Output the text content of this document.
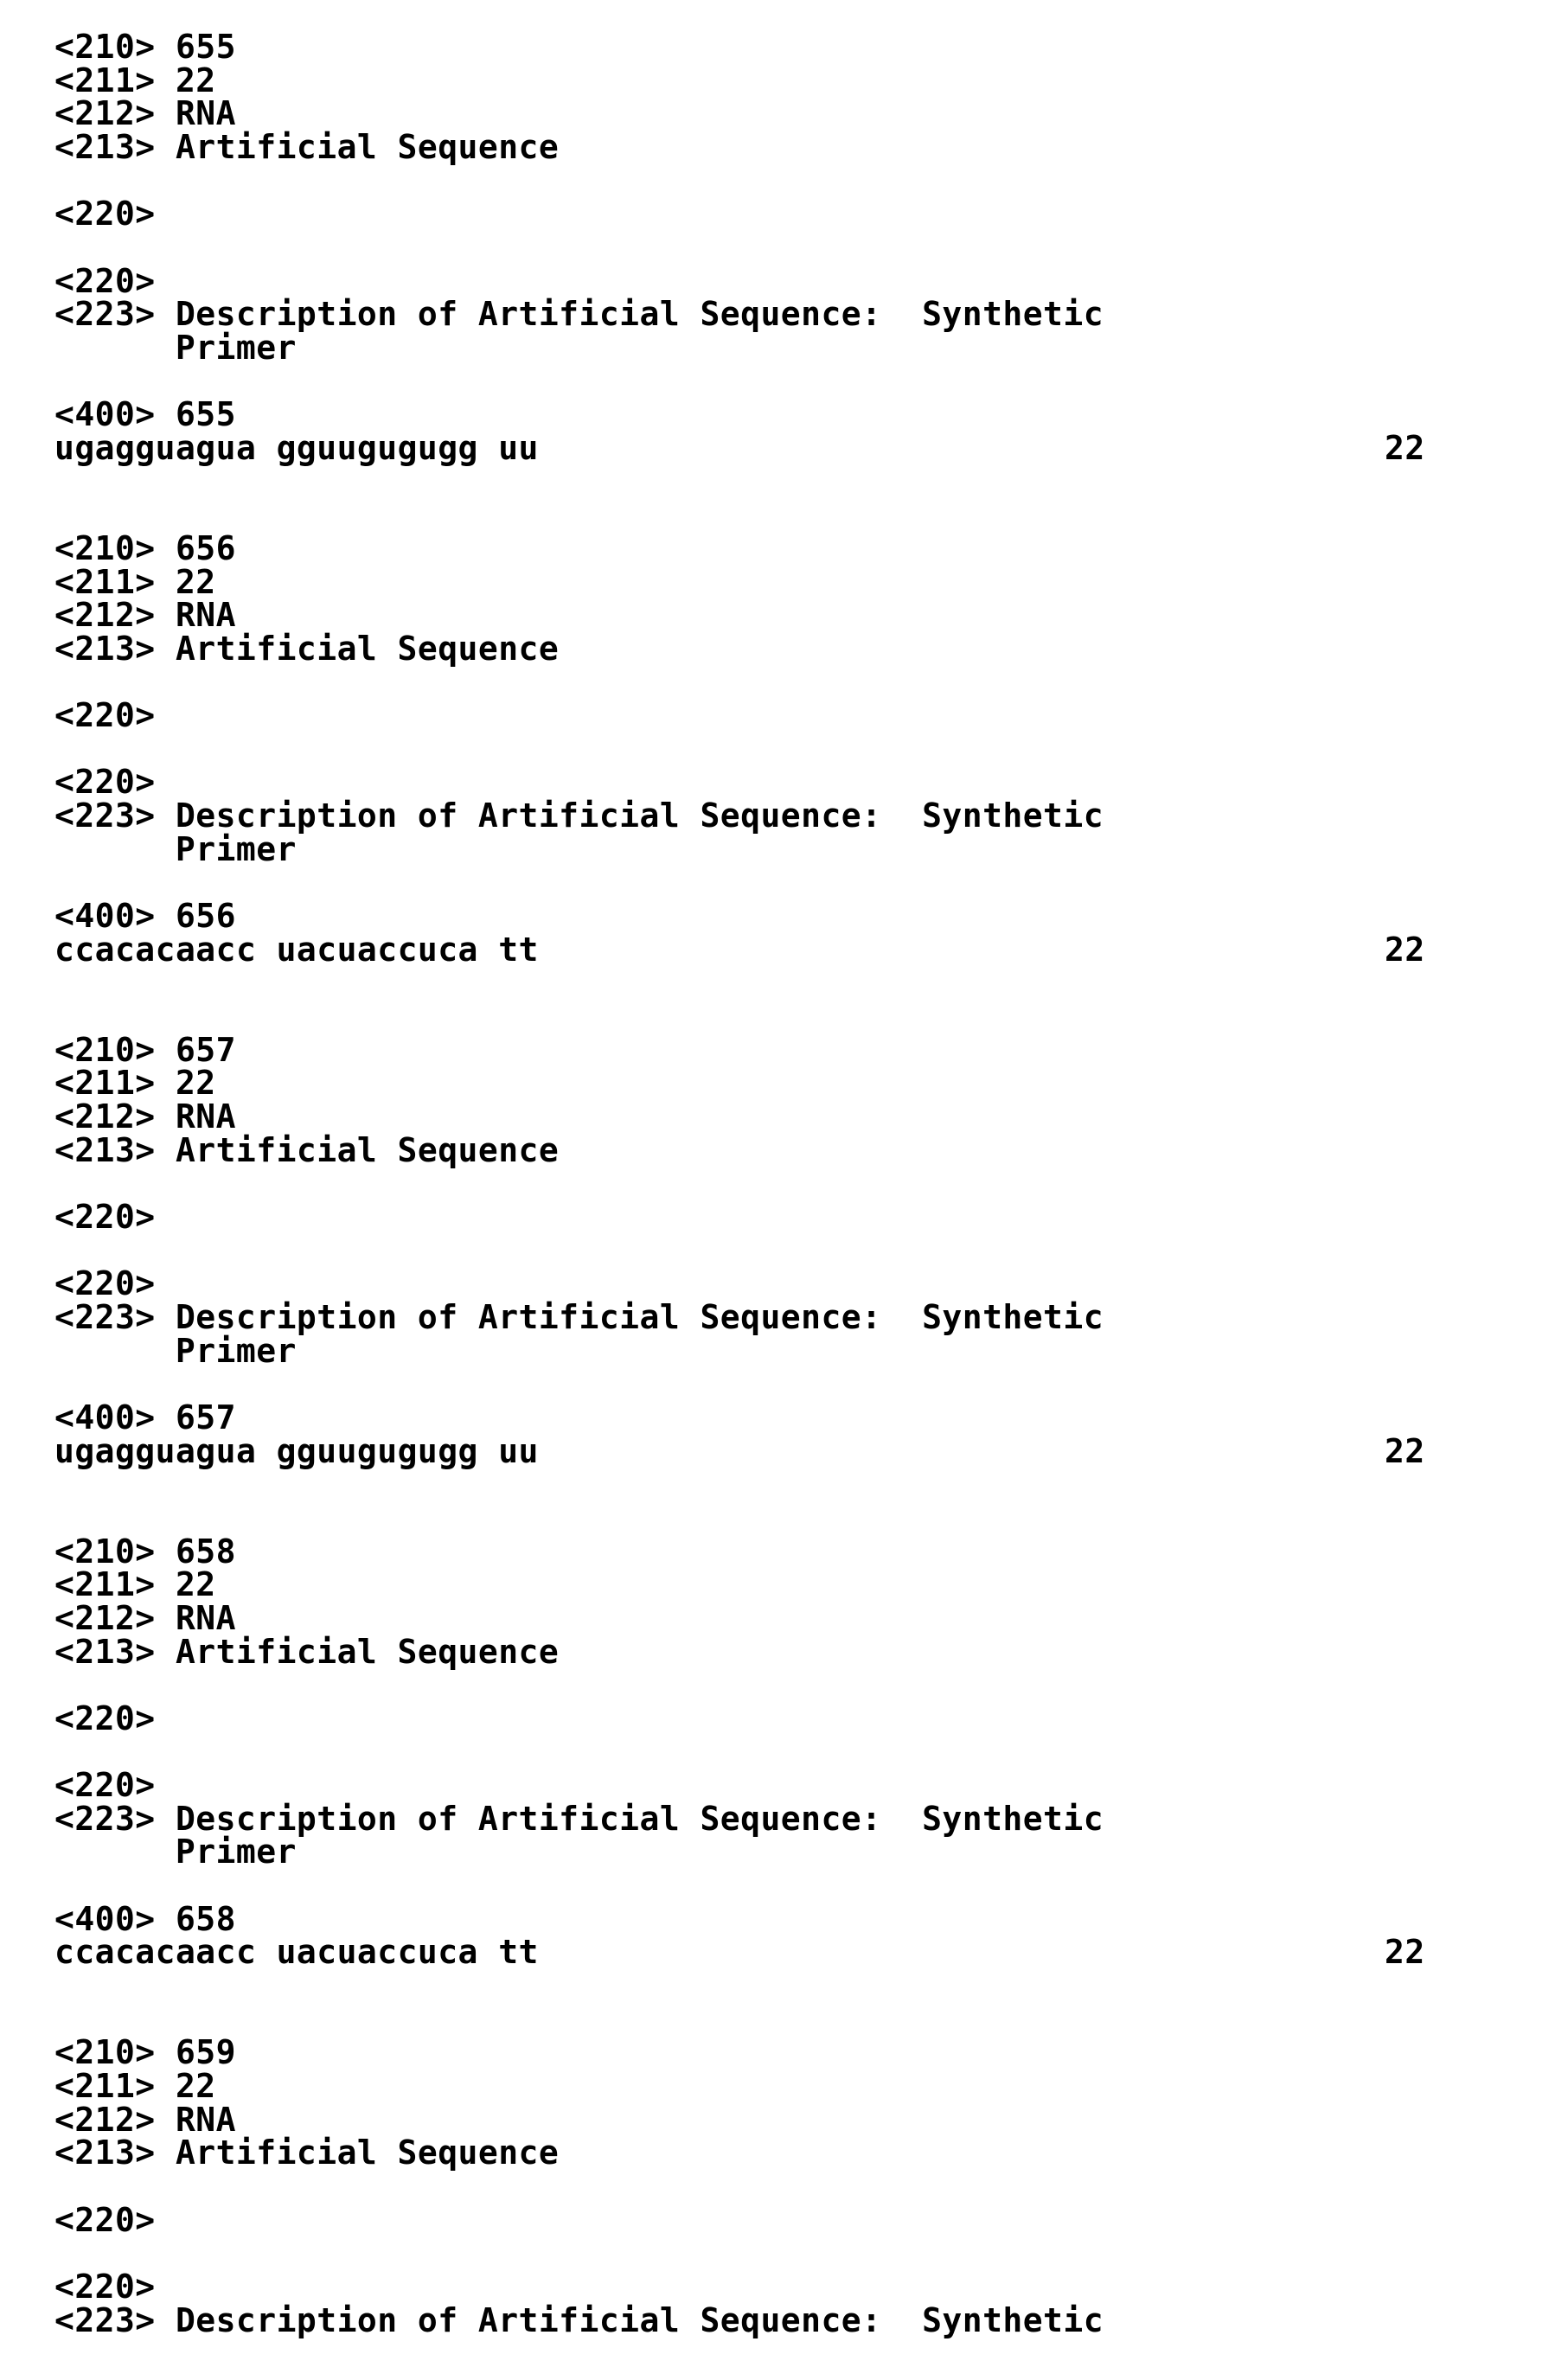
<210> 655
<211> 22
<212> RNA
<213> Artificial Sequence
<220>
<220>
<223> Description of Artificial Sequence:  Synthetic
Primer
<400> 655
ugagguagua gguugugugg uu	22
<210> 656
<211> 22
<212> RNA
<213> Artificial Sequence
<220>
<220>
<223> Description of Artificial Sequence:  Synthetic
Primer
<400> 656
ccacacaacc uacuaccuca tt	22
<210> 657
<211> 22
<212> RNA
<213> Artificial Sequence
<220>
<220>
<223> Description of Artificial Sequence:  Synthetic
Primer
<400> 657
ugagguagua gguugugugg uu	22
<210> 658
<211> 22
<212> RNA
<213> Artificial Sequence
<220>
<220>
<223> Description of Artificial Sequence:  Synthetic
Primer
<400> 658
ccacacaacc uacuaccuca tt	22
<210> 659
<211> 22
<212> RNA
<213> Artificial Sequence
<220>
<220>
<223> Description of Artificial Sequence:  Synthetic
